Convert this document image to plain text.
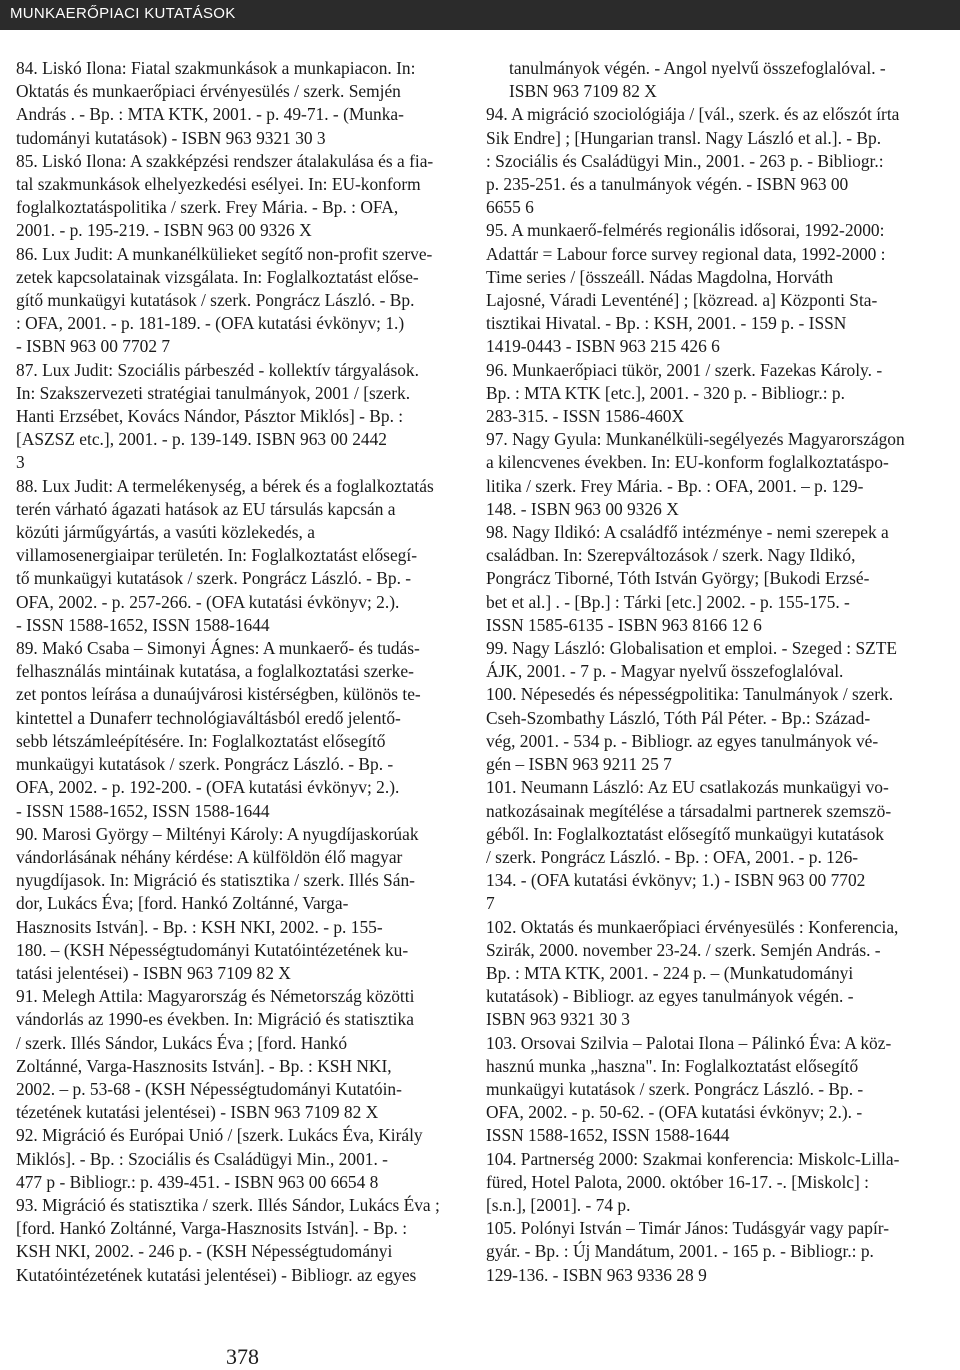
MUNKAERŐPIACI KUTATÁSOK
84. Liskó Ilona: Fiatal szakmunkások a munkapiacon. In:
Oktatás és munkaerőpiaci érvényesülés / szerk. Semjén
András . - Bp. : MTA KTK, 2001. - p. 49-71. - (Munka-
tudományi kutatások) - ISBN 963 9321 30 3
85. Liskó Ilona: A szakképzési rendszer átalakulása és a fia-
tal szakmunkások elhelyezkedési esélyei. In: EU-konform
foglalkoztatáspolitika / szerk. Frey Mária. - Bp. : OFA,
2001. - p. 195-219. - ISBN 963 00 9326 X
86. Lux Judit: A munkanélkülieket segítő non-profit szerve-
zetek kapcsolatainak vizsgálata. In: Foglalkoztatást előse-
gítő munkaügyi kutatások / szerk. Pongrácz László. - Bp.
: OFA, 2001. - p. 181-189. - (OFA kutatási évkönyv; 1.)
- ISBN 963 00 7702 7
87. Lux Judit: Szociális párbeszéd - kollektív tárgyalások.
In: Szakszervezeti stratégiai tanulmányok, 2001 / [szerk.
Hanti Erzsébet, Kovács Nándor, Pásztor Miklós] - Bp. :
[ASZSZ etc.], 2001. - p. 139-149. ISBN 963 00 2442
3
88. Lux Judit: A termelékenység, a bérek és a foglalkoztatás
terén várható ágazati hatások az EU társulás kapcsán a
közúti járműgyártás, a vasúti közlekedés, a
villamosenergiaipar területén. In: Foglalkoztatást elősegí-
tő munkaügyi kutatások / szerk. Pongrácz László. - Bp. -
OFA, 2002. - p. 257-266. - (OFA kutatási évkönyv; 2.).
- ISSN 1588-1652, ISSN 1588-1644
89. Makó Csaba – Simonyi Ágnes: A munkaerő- és tudás-
felhasználás mintáinak kutatása, a foglalkoztatási szerke-
zet pontos leírása a dunaújvárosi kistérségben, különös te-
kintettel a Dunaferr technológiaváltásból eredő jelentő-
sebb létszámleépítésére. In: Foglalkoztatást elősegítő
munkaügyi kutatások / szerk. Pongrácz László. - Bp. -
OFA, 2002. - p. 192-200. - (OFA kutatási évkönyv; 2.).
- ISSN 1588-1652, ISSN 1588-1644
90. Marosi György – Miltényi Károly: A nyugdíjaskorúak
vándorlásának néhány kérdése: A külföldön élő magyar
nyugdíjasok. In: Migráció és statisztika / szerk. Illés Sán-
dor, Lukács Éva; [ford. Hankó Zoltánné, Varga-
Hasznosits István]. - Bp. : KSH NKI, 2002. - p. 155-
180. – (KSH Népességtudományi Kutatóintézetének ku-
tatási jelentései) - ISBN 963 7109 82 X
91. Melegh Attila: Magyarország és Németország közötti
vándorlás az 1990-es években. In: Migráció és statisztika
/ szerk. Illés Sándor, Lukács Éva ; [ford. Hankó
Zoltánné, Varga-Hasznosits István]. - Bp. : KSH NKI,
2002. – p. 53-68 - (KSH Népességtudományi Kutatóin-
tézetének kutatási jelentései) - ISBN 963 7109 82 X
92. Migráció és Európai Unió / [szerk. Lukács Éva, Király
Miklós]. - Bp. : Szociális és Családügyi Min., 2001. -
477 p - Bibliogr.: p. 439-451. - ISBN 963 00 6654 8
93. Migráció és statisztika / szerk. Illés Sándor, Lukács Éva ;
[ford. Hankó Zoltánné, Varga-Hasznosits István]. - Bp. :
KSH NKI, 2002. - 246 p. - (KSH Népességtudományi
Kutatóintézetének kutatási jelentései) - Bibliogr. az egyes
tanulmányok végén. - Angol nyelvű összefoglalóval. -
ISBN 963 7109 82 X
94. A migráció szociológiája / [vál., szerk. és az előszót írta
Sik Endre] ; [Hungarian transl. Nagy László et al.]. - Bp.
: Szociális és Családügyi Min., 2001. - 263 p. - Bibliogr.:
p. 235-251. és a tanulmányok végén. - ISBN 963 00
6655 6
95. A munkaerő-felmérés regionális idősorai, 1992-2000:
Adattár = Labour force survey regional data, 1992-2000 :
Time series / [összeáll. Nádas Magdolna, Horváth
Lajosné, Váradi Leventéné] ; [közread. a] Központi Sta-
tisztikai Hivatal. - Bp. : KSH, 2001. - 159 p. - ISSN
1419-0443 - ISBN 963 215 426 6
96. Munkaerőpiaci tükör, 2001 / szerk. Fazekas Károly. -
Bp. : MTA KTK [etc.], 2001. - 320 p. - Bibliogr.: p.
283-315. - ISSN 1586-460X
97. Nagy Gyula: Munkanélküli-segélyezés Magyarországon
a kilencvenes években. In: EU-konform foglalkoztatáspo-
litika / szerk. Frey Mária. - Bp. : OFA, 2001. – p. 129-
148. - ISBN 963 00 9326 X
98. Nagy Ildikó: A családfő intézménye - nemi szerepek a
családban. In: Szerepváltozások / szerk. Nagy Ildikó,
Pongrácz Tiborné, Tóth István György; [Bukodi Erzsé-
bet et al.] . - [Bp.] : Tárki [etc.] 2002. - p. 155-175. -
ISSN 1585-6135 - ISBN 963 8166 12 6
99. Nagy László: Globalisation et emploi. - Szeged : SZTE
ÁJK, 2001. - 7 p. - Magyar nyelvű összefoglalóval.
100. Népesedés és népességpolitika: Tanulmányok / szerk.
Cseh-Szombathy László, Tóth Pál Péter. - Bp.: Század-
vég, 2001. - 534 p. - Bibliogr. az egyes tanulmányok vé-
gén – ISBN 963 9211 25 7
101. Neumann László: Az EU csatlakozás munkaügyi vo-
natkozásainak megítélése a társadalmi partnerek szemszö-
géből. In: Foglalkoztatást elősegítő munkaügyi kutatások
/ szerk. Pongrácz László. - Bp. : OFA, 2001. - p. 126-
134. - (OFA kutatási évkönyv; 1.) - ISBN 963 00 7702
7
102. Oktatás és munkaerőpiaci érvényesülés : Konferencia,
Szirák, 2000. november 23-24. / szerk. Semjén András. -
Bp. : MTA KTK, 2001. - 224 p. – (Munkatudományi
kutatások) - Bibliogr. az egyes tanulmányok végén. -
ISBN 963 9321 30 3
103. Orsovai Szilvia – Palotai Ilona – Pálinkó Éva: A köz-
hasznú munka „haszna". In: Foglalkoztatást elősegítő
munkaügyi kutatások / szerk. Pongrácz László. - Bp. -
OFA, 2002. - p. 50-62. - (OFA kutatási évkönyv; 2.). -
ISSN 1588-1652, ISSN 1588-1644
104. Partnerség 2000: Szakmai konferencia: Miskolc-Lilla-
füred, Hotel Palota, 2000. október 16-17. -. [Miskolc] :
[s.n.], [2001]. - 74 p.
105. Polónyi István – Timár János: Tudásgyár vagy papír-
gyár. - Bp. : Új Mandátum, 2001. - 165 p. - Bibliogr.: p.
129-136. - ISBN 963 9336 28 9
378
